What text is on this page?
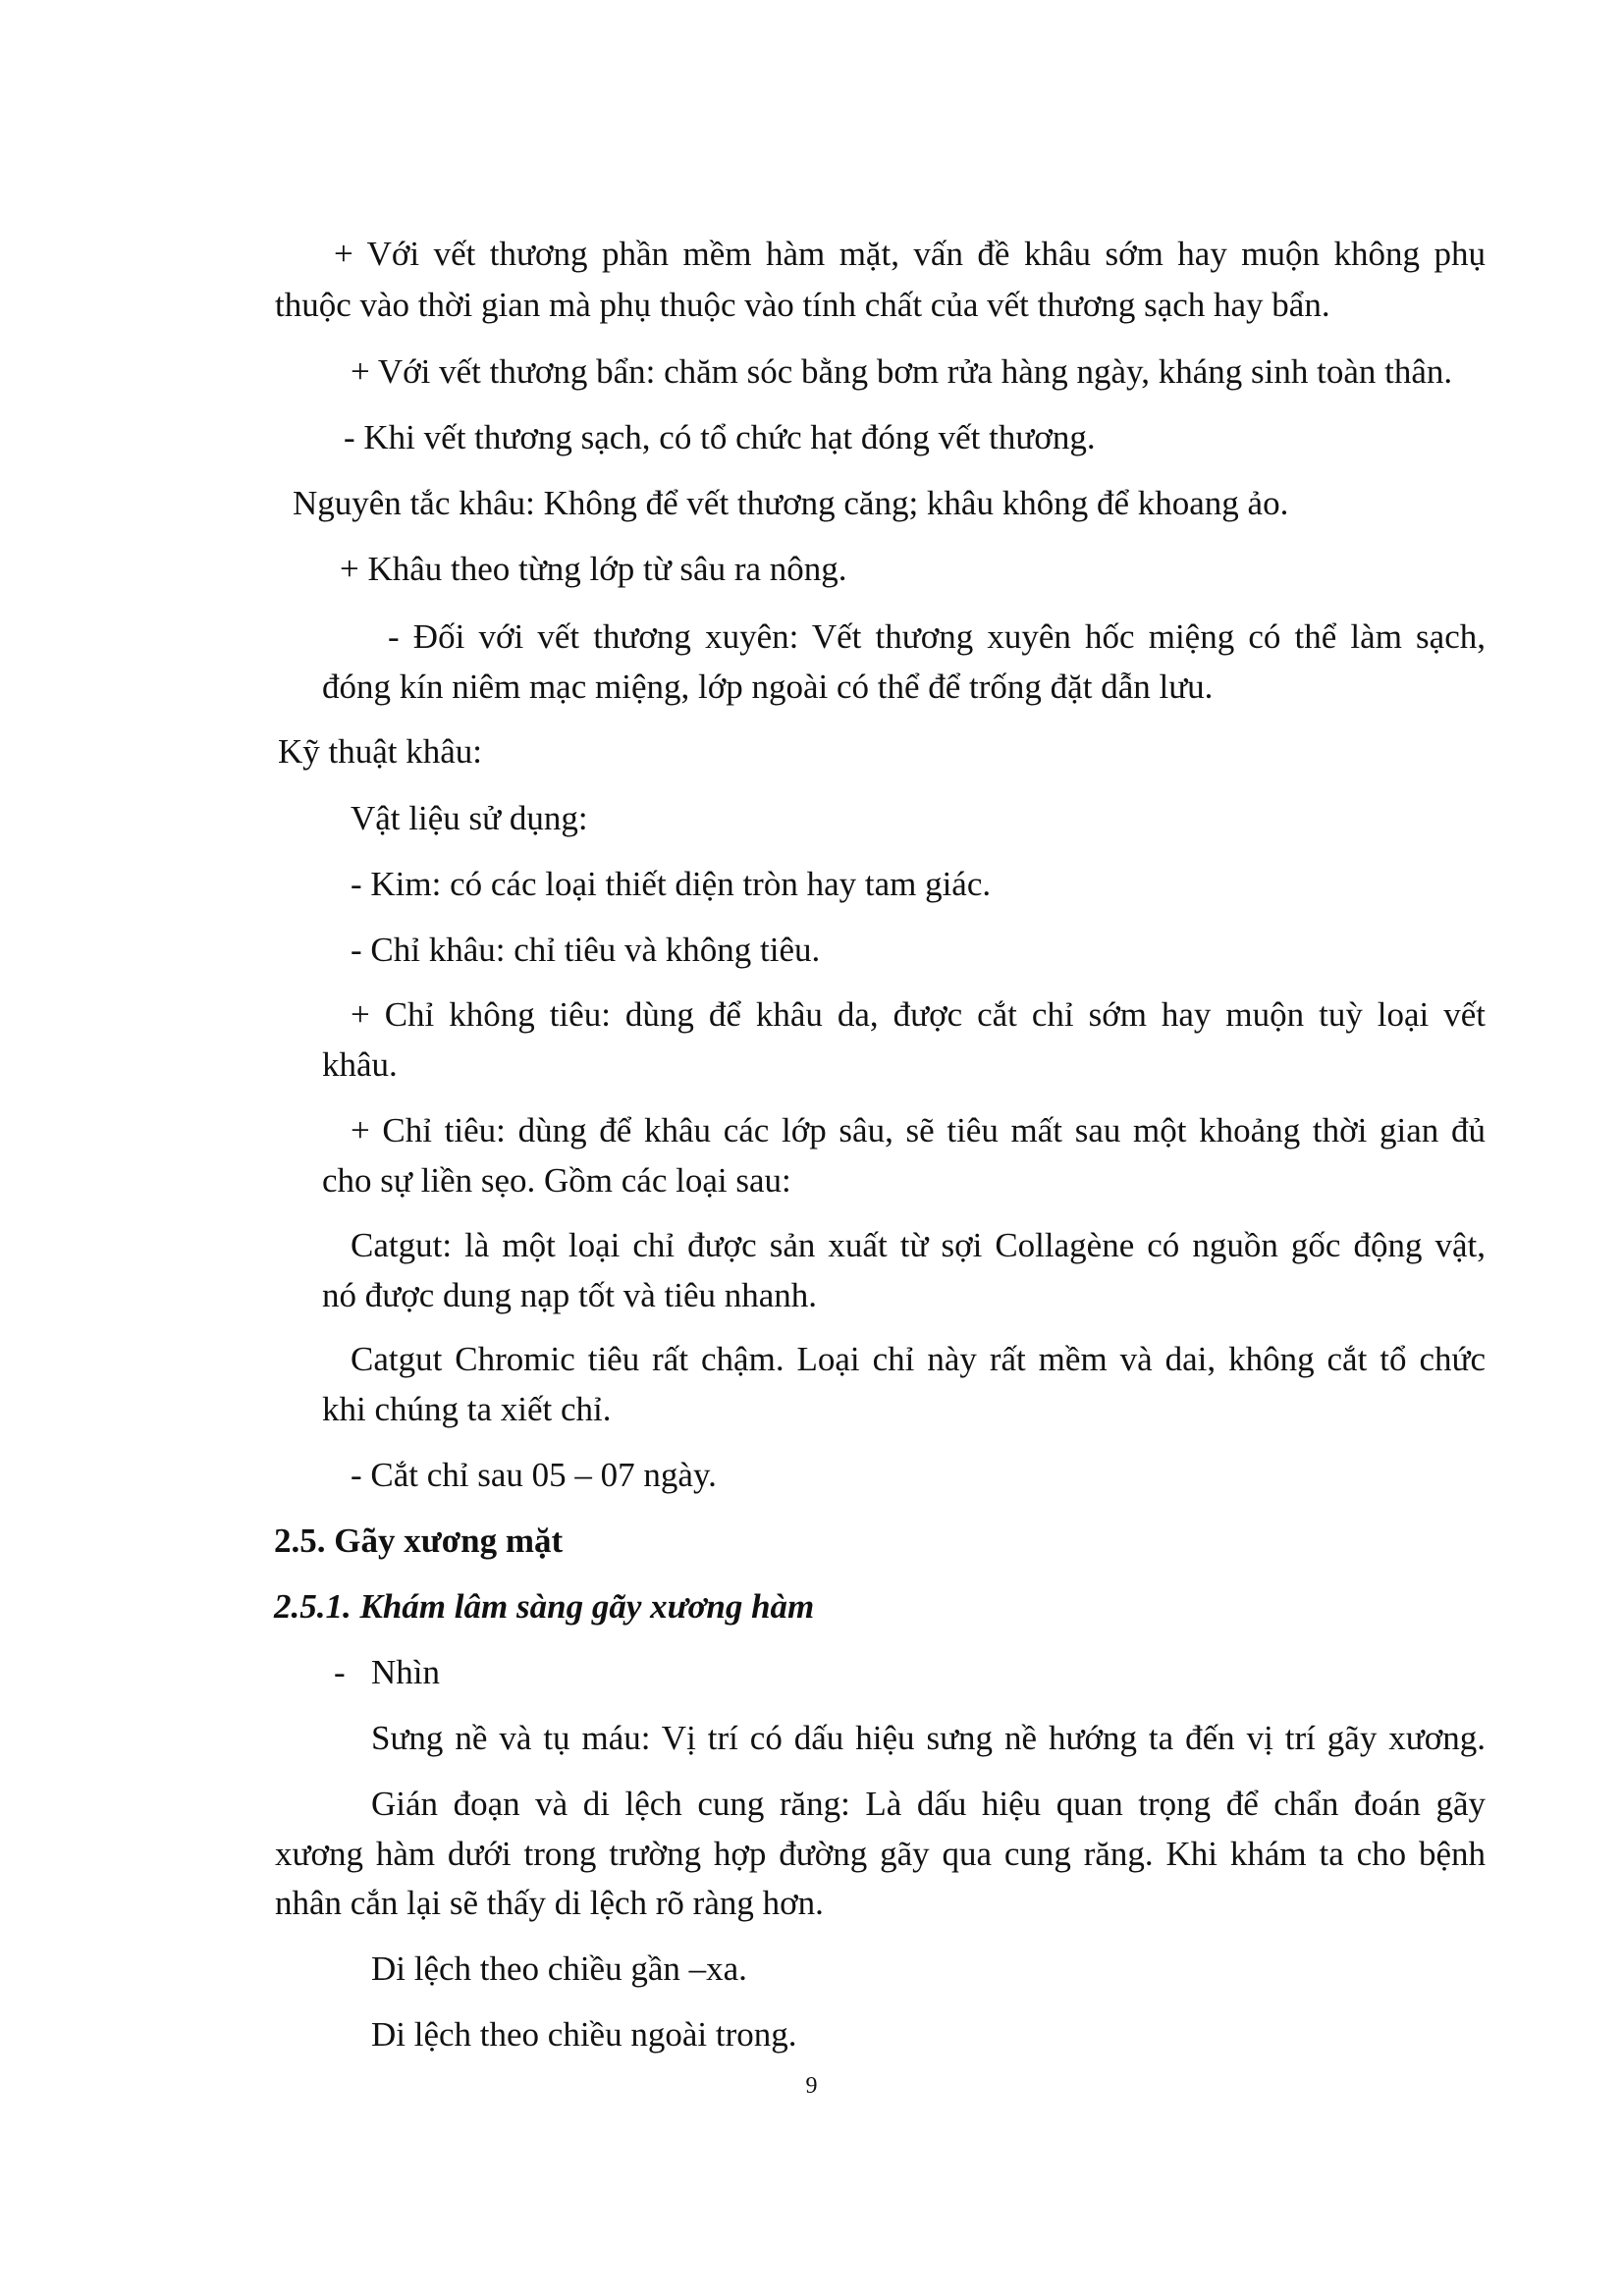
+ Với vết thương phần mềm hàm mặt, vấn đề khâu sớm hay muộn không phụ

thuộc vào thời gian mà phụ thuộc vào tính chất của vết thương sạch hay bẩn.

+ Với vết thương bẩn: chăm sóc bằng bơm rửa hàng ngày, kháng sinh toàn thân.

- Khi vết thương sạch, có tổ chức hạt đóng vết thương.

Nguyên tắc khâu: Không để vết thương căng; khâu không để khoang ảo.

+ Khâu theo từng lớp từ sâu ra nông.

- Đối với vết thương xuyên: Vết thương xuyên hốc miệng có thể làm sạch,

đóng kín niêm mạc miệng, lớp ngoài có thể để trống đặt dẫn lưu.

Kỹ thuật khâu:

Vật liệu sử dụng:

- Kim: có các loại thiết diện tròn hay tam giác.

- Chỉ khâu: chỉ tiêu và không tiêu.

+ Chỉ không tiêu: dùng để khâu da, được cắt chỉ sớm hay muộn tuỳ loại vết

khâu.

+ Chỉ tiêu: dùng để khâu các lớp sâu, sẽ tiêu mất sau một khoảng thời gian đủ

cho sự liền sẹo. Gồm các loại sau:

Catgut: là một loại chỉ được sản xuất từ sợi Collagène có nguồn gốc động vật,

nó được dung nạp tốt và tiêu nhanh.

Catgut Chromic tiêu rất chậm. Loại chỉ này rất mềm và dai, không cắt tổ chức

khi chúng ta xiết chỉ.

- Cắt chỉ sau 05 – 07 ngày.

2.5. Gãy xương mặt

2.5.1. Khám lâm sàng gãy xương hàm

- Nhìn

Sưng nề và tụ máu: Vị trí có dấu hiệu sưng nề hướng ta đến vị trí gãy xương.

Gián đoạn và di lệch cung răng: Là dấu hiệu quan trọng để chẩn đoán gãy

xương hàm dưới trong trường hợp đường gãy qua cung răng. Khi khám ta cho bệnh

nhân cắn lại sẽ thấy di lệch rõ ràng hơn.

Di lệch theo chiều gần –xa.

Di lệch theo chiều ngoài trong.

9
